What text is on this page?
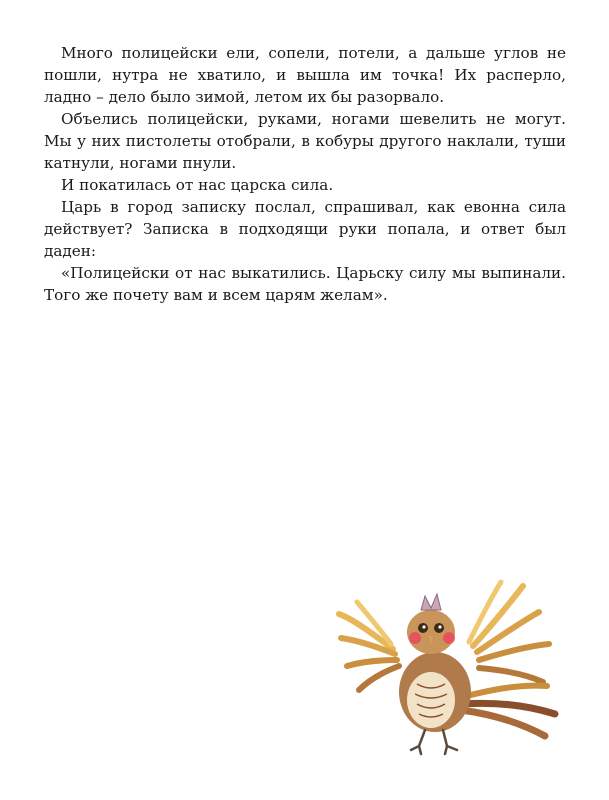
Много полицейски ели, сопели, потели, а дальше углов не пошли, нутра не хватило, и вышла им точка! Их расперло, ладно – дело было зимой, летом их бы разорвало.

Объелись полицейски, руками, ногами шевелить не могут. Мы у них пистолеты отобрали, в кобуры другого наклали, туши катнули, ногами пнули.

И покатилась от нас царска сила.

Царь в город записку послал, спрашивал, как евонна сила действует? Записка в подходящи руки попала, и ответ был даден:

«Полицейски от нас выкатились. Царьску силу мы выпинали. Того же почету вам и всем царям желам».
